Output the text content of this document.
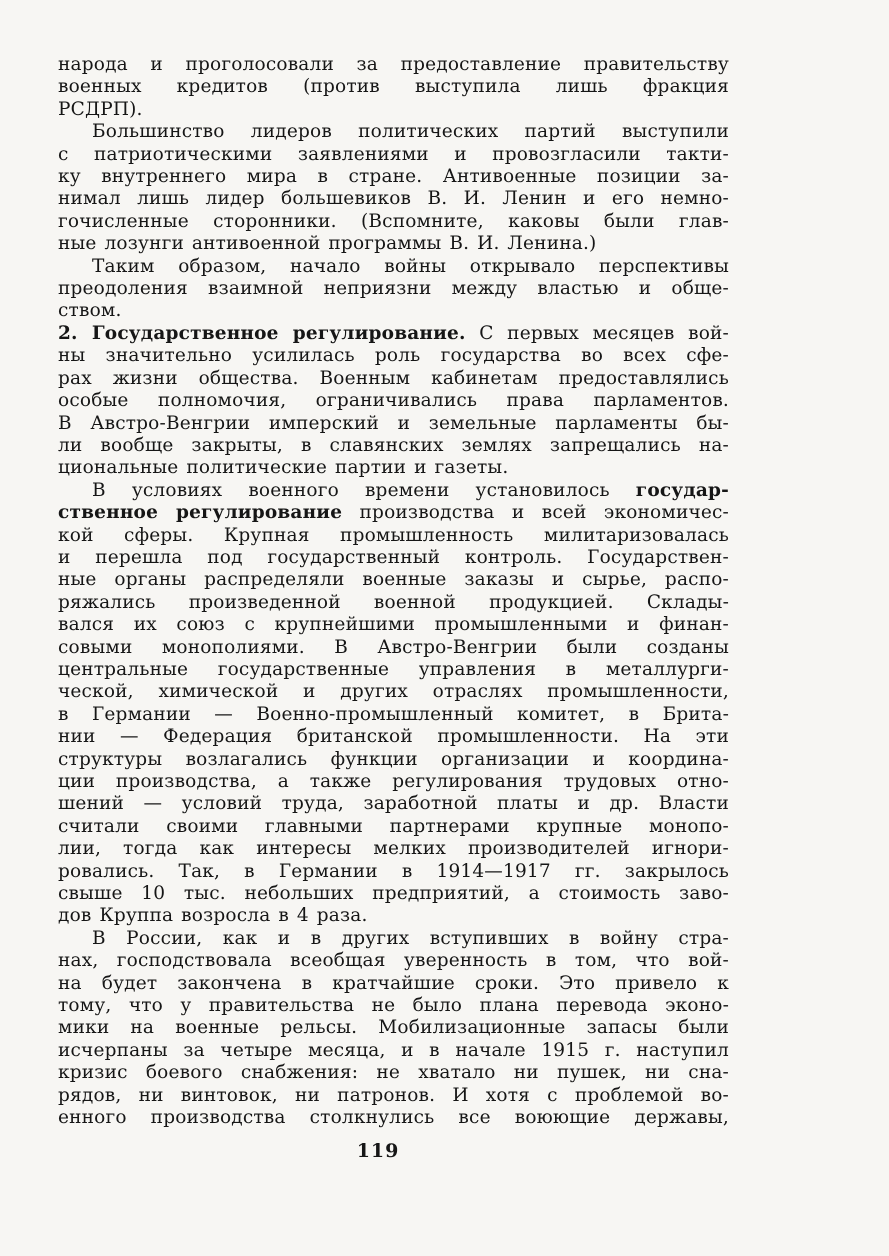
народа и проголосовали за предоставление правительству
военных кредитов (против выступила лишь фракция
РСДРП).
Большинство лидеров политических партий выступили
с патриотическими заявлениями и провозгласили такти-
ку внутреннего мира в стране. Антивоенные позиции за-
нимал лишь лидер большевиков В. И. Ленин и его немно-
гочисленные сторонники. (Вспомните, каковы были глав-
ные лозунги антивоенной программы В. И. Ленина.)
Таким образом, начало войны открывало перспективы
преодоления взаимной неприязни между властью и обще-
ством.
2. Государственное регулирование. С первых месяцев вой-
ны значительно усилилась роль государства во всех сфе-
рах жизни общества. Военным кабинетам предоставлялись
особые полномочия, ограничивались права парламентов.
В Австро-Венгрии имперский и земельные парламенты бы-
ли вообще закрыты, в славянских землях запрещались на-
циональные политические партии и газеты.
В условиях военного времени установилось государ-
ственное регулирование производства и всей экономичес-
кой сферы. Крупная промышленность милитаризовалась
и перешла под государственный контроль. Государствен-
ные органы распределяли военные заказы и сырье, распо-
ряжались произведенной военной продукцией. Склады-
вался их союз с крупнейшими промышленными и финан-
совыми монополиями. В Австро-Венгрии были созданы
центральные государственные управления в металлурги-
ческой, химической и других отраслях промышленности,
в Германии — Военно-промышленный комитет, в Брита-
нии — Федерация британской промышленности. На эти
структуры возлагались функции организации и координа-
ции производства, а также регулирования трудовых отно-
шений — условий труда, заработной платы и др. Власти
считали своими главными партнерами крупные монопо-
лии, тогда как интересы мелких производителей игнори-
ровались. Так, в Германии в 1914—1917 гг. закрылось
свыше 10 тыс. небольших предприятий, а стоимость заво-
дов Круппа возросла в 4 раза.
В России, как и в других вступивших в войну стра-
нах, господствовала всеобщая уверенность в том, что вой-
на будет закончена в кратчайшие сроки. Это привело к
тому, что у правительства не было плана перевода эконо-
мики на военные рельсы. Мобилизационные запасы были
исчерпаны за четыре месяца, и в начале 1915 г. наступил
кризис боевого снабжения: не хватало ни пушек, ни сна-
рядов, ни винтовок, ни патронов. И хотя с проблемой во-
енного производства столкнулись все воюющие державы,
119
